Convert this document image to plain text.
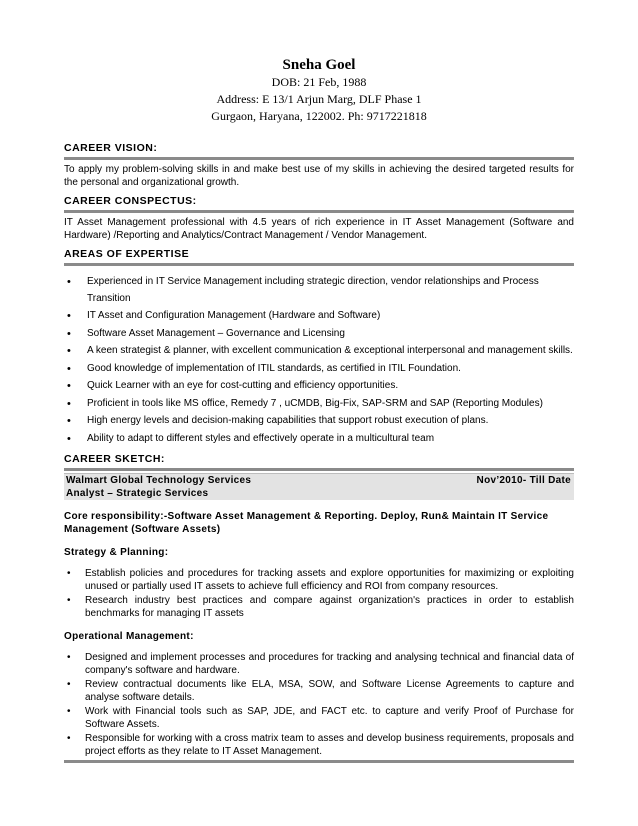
Sneha Goel
DOB: 21 Feb, 1988
Address: E 13/1 Arjun Marg, DLF Phase 1
Gurgaon, Haryana, 122002. Ph: 9717221818
CAREER VISION:
To apply my problem-solving skills in and make best use of my skills in achieving the desired targeted results for the personal and organizational growth.
CAREER CONSPECTUS:
IT Asset Management professional with 4.5 years of rich experience in IT Asset Management (Software and Hardware) /Reporting and Analytics/Contract Management / Vendor Management.
AREAS OF EXPERTISE
• Experienced in IT Service Management including strategic direction, vendor relationships and Process Transition
• IT Asset and Configuration Management (Hardware and Software)
• Software Asset Management – Governance and Licensing
• A keen strategist & planner, with excellent communication & exceptional interpersonal and management skills.
• Good knowledge of implementation of ITIL standards, as certified in ITIL Foundation.
• Quick Learner with an eye for cost-cutting and efficiency opportunities.
• Proficient in tools like MS office, Remedy 7 , uCMDB, Big-Fix, SAP-SRM and SAP (Reporting Modules)
• High energy levels and decision-making capabilities that support robust execution of plans.
• Ability to adapt to different styles and effectively operate in a multicultural team
CAREER SKETCH:
Walmart Global Technology Services	Nov’2010- Till Date
Analyst – Strategic Services
Core responsibility:-Software Asset Management & Reporting. Deploy, Run& Maintain IT Service Management (Software Assets)
Strategy & Planning:
• Establish policies and procedures for tracking assets and explore opportunities for maximizing or exploiting unused or partially used IT assets to achieve full efficiency and ROI from company resources.
• Research industry best practices and compare against organization's practices in order to establish benchmarks for managing IT assets
Operational Management:
• Designed and implement processes and procedures for tracking and analysing technical and financial data of company's software and hardware.
• Review contractual documents like ELA, MSA, SOW, and Software License Agreements to capture and analyse software details.
• Work with Financial tools such as SAP, JDE, and FACT etc. to capture and verify Proof of Purchase for Software Assets.
• Responsible for working with a cross matrix team to asses and develop business requirements, proposals and project efforts as they relate to IT Asset Management.
